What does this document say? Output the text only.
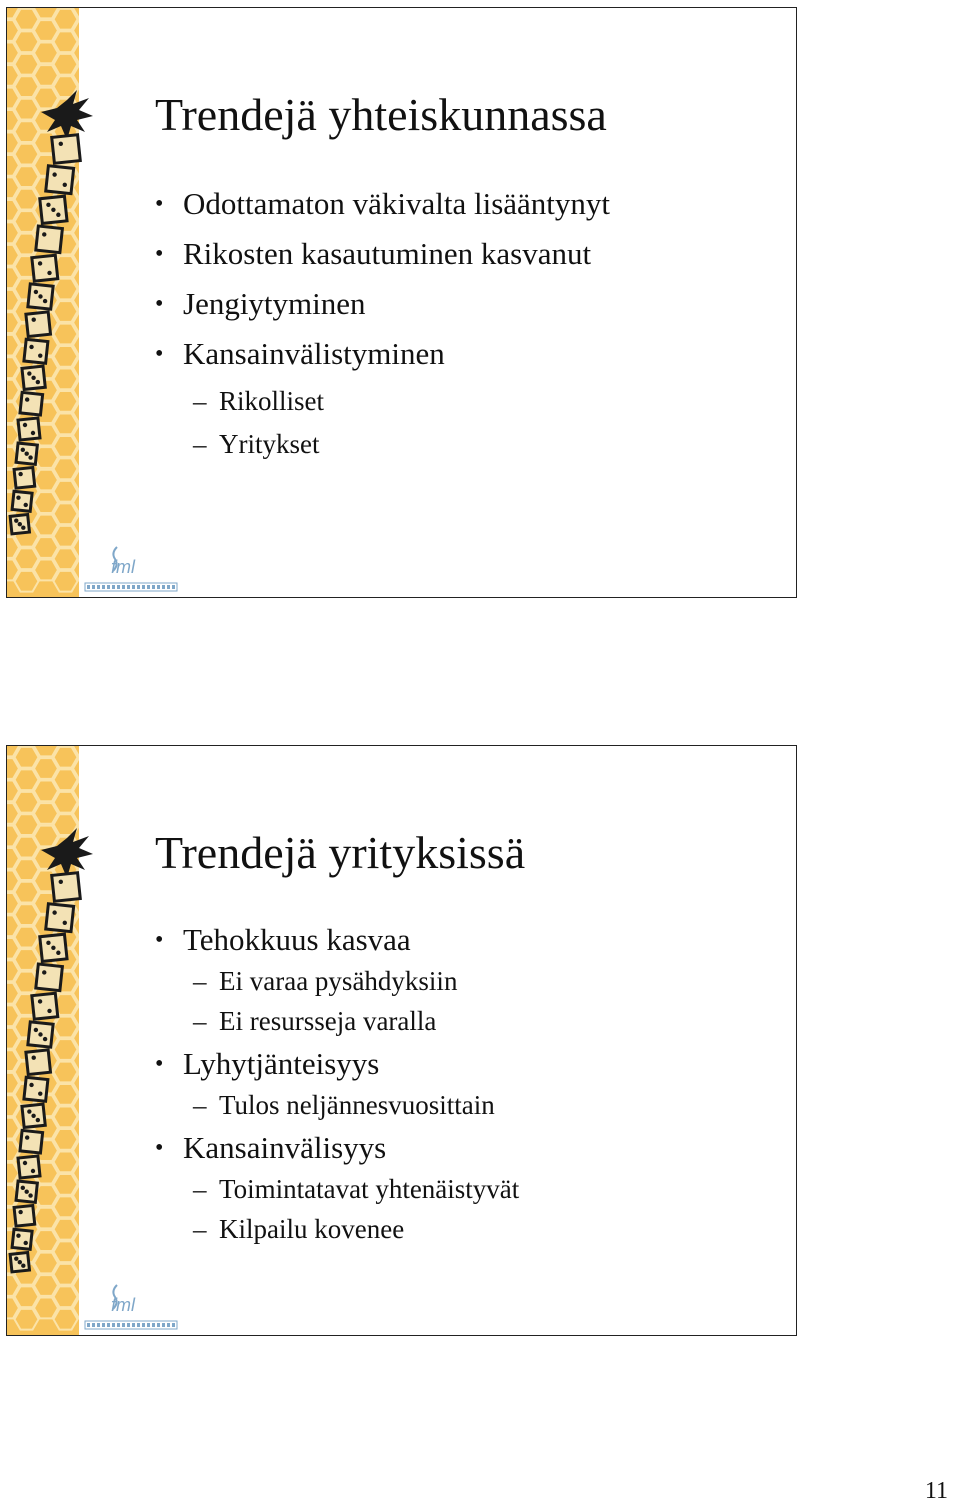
fml
Trendejä yhteiskunnassa
• Odottamaton väkivalta lisääntynyt
• Rikosten kasautuminen kasvanut
• Jengiytyminen
• Kansainvälistyminen
– Rikolliset
– Yritykset
fml
Trendejä yrityksissä
• Tehokkuus kasvaa
– Ei varaa pysähdyksiin
– Ei resursseja varalla
• Lyhytjänteisyys
– Tulos neljännesvuosittain
• Kansainvälisyys
– Toimintatavat yhtenäistyvät
– Kilpailu kovenee
11
